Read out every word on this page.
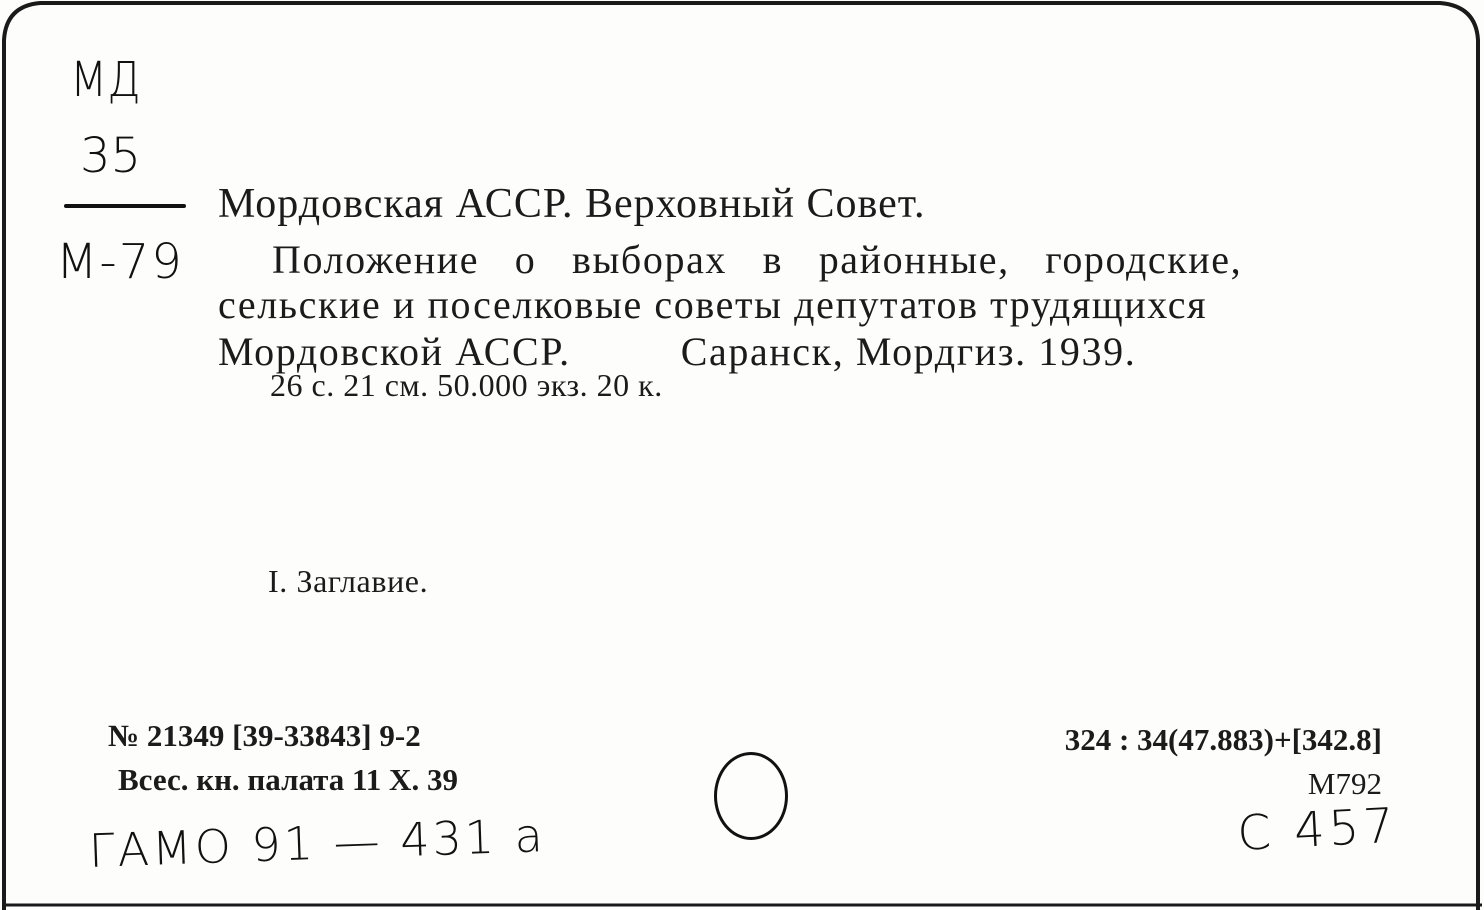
МД
35
М-79
Мордовская АССР. Верховный Совет.
Положение о выборах в районные, городские,
сельские и поселковые советы депутатов трудящихся
Мордовской АССР.	Саранск, Мордгиз. 1939.
26 с. 21 см. 50.000 экз. 20 к.
I. Заглавие.
№ 21349 [39-33843] 9-2
Всес. кн. палата 11 X. 39
324 : 34(47.883)+[342.8]
М792
ГАМО 91 — 431 а	С 457
